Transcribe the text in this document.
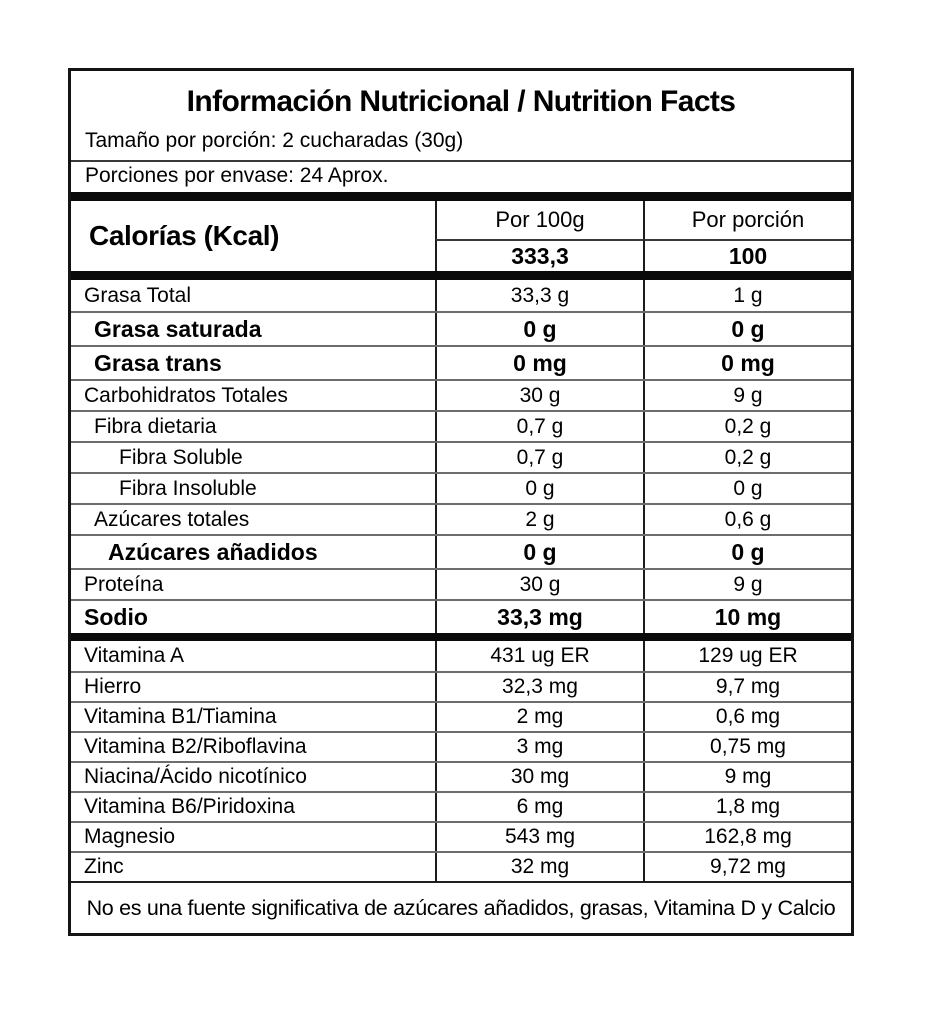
Información Nutricional / Nutrition Facts
Tamaño por porción: 2 cucharadas (30g)
Porciones por envase: 24 Aprox.
Calorías (Kcal)
Por 100g	Por porción
333,3	100
Grasa Total	33,3 g	1 g
Grasa saturada	0 g	0 g
Grasa trans	0 mg	0 mg
Carbohidratos Totales	30 g	9 g
Fibra dietaria	0,7 g	0,2 g
Fibra Soluble	0,7 g	0,2 g
Fibra Insoluble	0 g	0 g
Azúcares totales	2 g	0,6 g
Azúcares añadidos	0 g	0 g
Proteína	30 g	9 g
Sodio	33,3 mg	10 mg
Vitamina A	431 ug ER	129 ug ER
Hierro	32,3 mg	9,7 mg
Vitamina B1/Tiamina	2 mg	0,6 mg
Vitamina B2/Riboflavina	3 mg	0,75 mg
Niacina/Ácido nicotínico	30 mg	9 mg
Vitamina B6/Piridoxina	6 mg	1,8 mg
Magnesio	543 mg	162,8 mg
Zinc	32 mg	9,72 mg
No es una fuente significativa de azúcares añadidos, grasas, Vitamina D y Calcio
